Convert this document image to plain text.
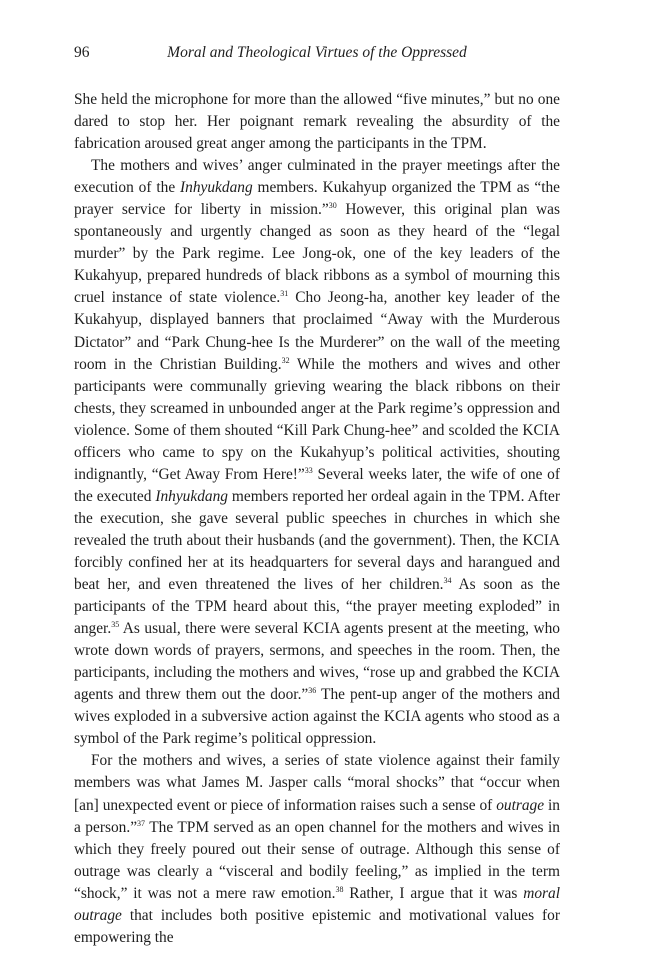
96	Moral and Theological Virtues of the Oppressed

She held the microphone for more than the allowed “five minutes,” but no one dared to stop her. Her poignant remark revealing the absurdity of the fabrication aroused great anger among the participants in the TPM.

The mothers and wives’ anger culminated in the prayer meetings after the execution of the Inhyukdang members. Kukahyup organized the TPM as “the prayer service for liberty in mission.”$^{30}$ However, this original plan was spontaneously and urgently changed as soon as they heard of the “legal murder” by the Park regime. Lee Jong-ok, one of the key leaders of the Kukahyup, prepared hundreds of black ribbons as a symbol of mourning this cruel instance of state violence.$^{31}$ Cho Jeong-ha, another key leader of the Kukahyup, displayed banners that proclaimed “Away with the Murderous Dictator” and “Park Chung-hee Is the Murderer” on the wall of the meeting room in the Christian Building.$^{32}$ While the mothers and wives and other participants were communally grieving wearing the black ribbons on their chests, they screamed in unbounded anger at the Park regime’s oppression and violence. Some of them shouted “Kill Park Chung-hee” and scolded the KCIA officers who came to spy on the Kukahyup’s political activities, shouting indignantly, “Get Away From Here!”$^{33}$ Several weeks later, the wife of one of the executed Inhyukdang members reported her ordeal again in the TPM. After the execution, she gave several public speeches in churches in which she revealed the truth about their husbands (and the government). Then, the KCIA forcibly confined her at its headquarters for several days and harangued and beat her, and even threatened the lives of her children.$^{34}$ As soon as the participants of the TPM heard about this, “the prayer meeting exploded” in anger.$^{35}$ As usual, there were several KCIA agents present at the meeting, who wrote down words of prayers, sermons, and speeches in the room. Then, the participants, including the mothers and wives, “rose up and grabbed the KCIA agents and threw them out the door.”$^{36}$ The pent-up anger of the mothers and wives exploded in a subversive action against the KCIA agents who stood as a symbol of the Park regime’s political oppression.

For the mothers and wives, a series of state violence against their family members was what James M. Jasper calls “moral shocks” that “occur when [an] unexpected event or piece of information raises such a sense of outrage in a person.”$^{37}$ The TPM served as an open channel for the mothers and wives in which they freely poured out their sense of outrage. Although this sense of outrage was clearly a “visceral and bodily feeling,” as implied in the term “shock,” it was not a mere raw emotion.$^{38}$ Rather, I argue that it was moral outrage that includes both positive epistemic and motivational values for empowering the
